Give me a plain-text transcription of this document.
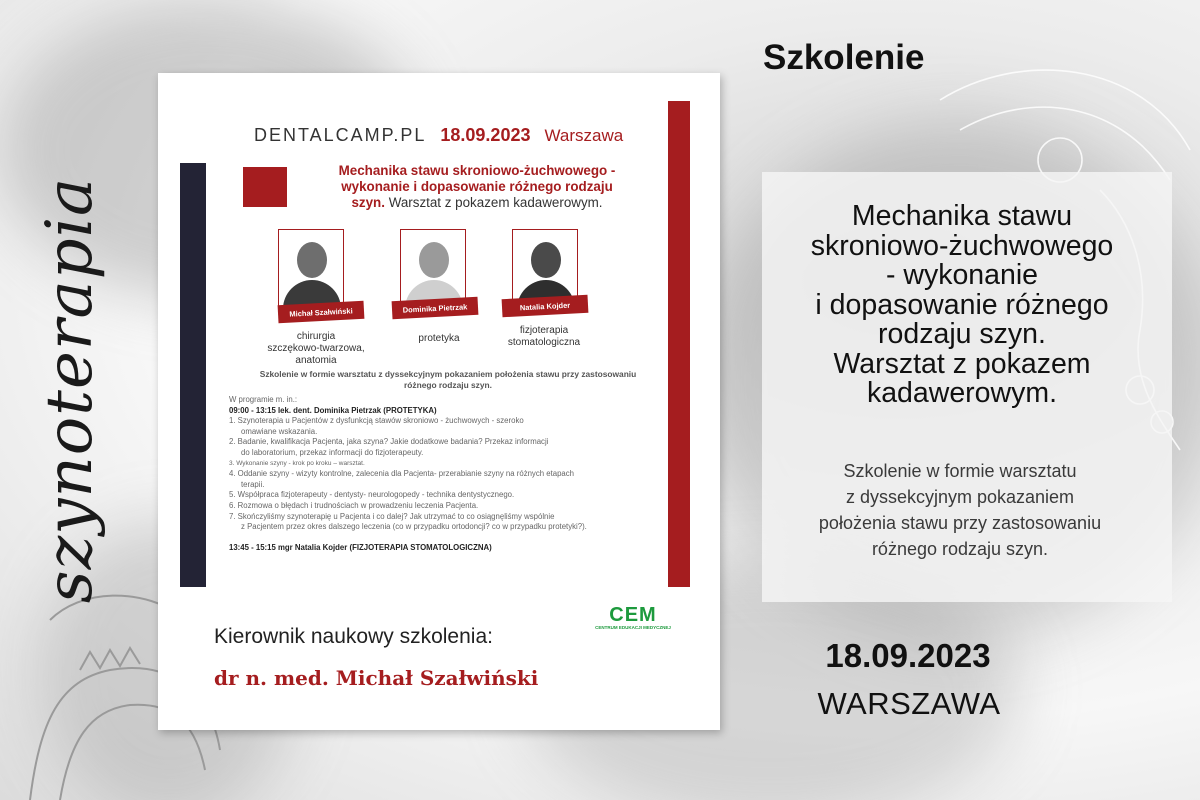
szynoterapia
DENTALCAMP.PL 18.09.2023 Warszawa
Mechanika stawu skroniowo-żuchwowego -
wykonanie i dopasowanie różnego rodzaju
szyn. Warsztat z pokazem kadawerowym.
Michał Szałwiński
chirurgia
szczękowo-twarzowa,
anatomia
Dominika Pietrzak
protetyka
Natalia Kojder
fizjoterapia
stomatologiczna
Szkolenie w formie warsztatu z dyssekcyjnym pokazaniem położenia stawu przy zastosowaniu
różnego rodzaju szyn.
W programie m. in.:
09:00 - 13:15 lek. dent. Dominika Pietrzak (PROTETYKA)
1. Szynoterapia u Pacjentów z dysfunkcją stawów skroniowo - żuchwowych - szeroko
omawiane wskazania.
2. Badanie, kwalifikacja Pacjenta, jaka szyna? Jakie dodatkowe badania? Przekaz informacji
do laboratorium, przekaz informacji do fizjoterapeuty.
3. Wykonanie szyny - krok po kroku – warsztat.
4. Oddanie szyny - wizyty kontrolne, zalecenia dla Pacjenta- przerabianie szyny na różnych etapach
terapii.
5. Współpraca fizjoterapeuty - dentysty- neurologopedy - technika dentystycznego.
6. Rozmowa o błędach i trudnościach w prowadzeniu leczenia Pacjenta.
7. Skończyliśmy szynoterapię u Pacjenta i co dalej? Jak utrzymać to co osiągnęliśmy wspólnie
z Pacjentem przez okres dalszego leczenia (co w przypadku ortodoncji? co w przypadku protetyki?).
13:45 - 15:15 mgr Natalia Kojder (FIZJOTERAPIA STOMATOLOGICZNA)
CEM
CENTRUM EDUKACJI MEDYCZNEJ
Kierownik naukowy szkolenia:
dr n. med. Michał Szałwiński
Szkolenie
Mechanika stawu
skroniowo-żuchwowego
- wykonanie
i dopasowanie różnego
rodzaju szyn.
Warsztat z pokazem
kadawerowym.
Szkolenie w formie warsztatu
z dyssekcyjnym pokazaniem
położenia stawu przy zastosowaniu
różnego rodzaju szyn.
18.09.2023
WARSZAWA
